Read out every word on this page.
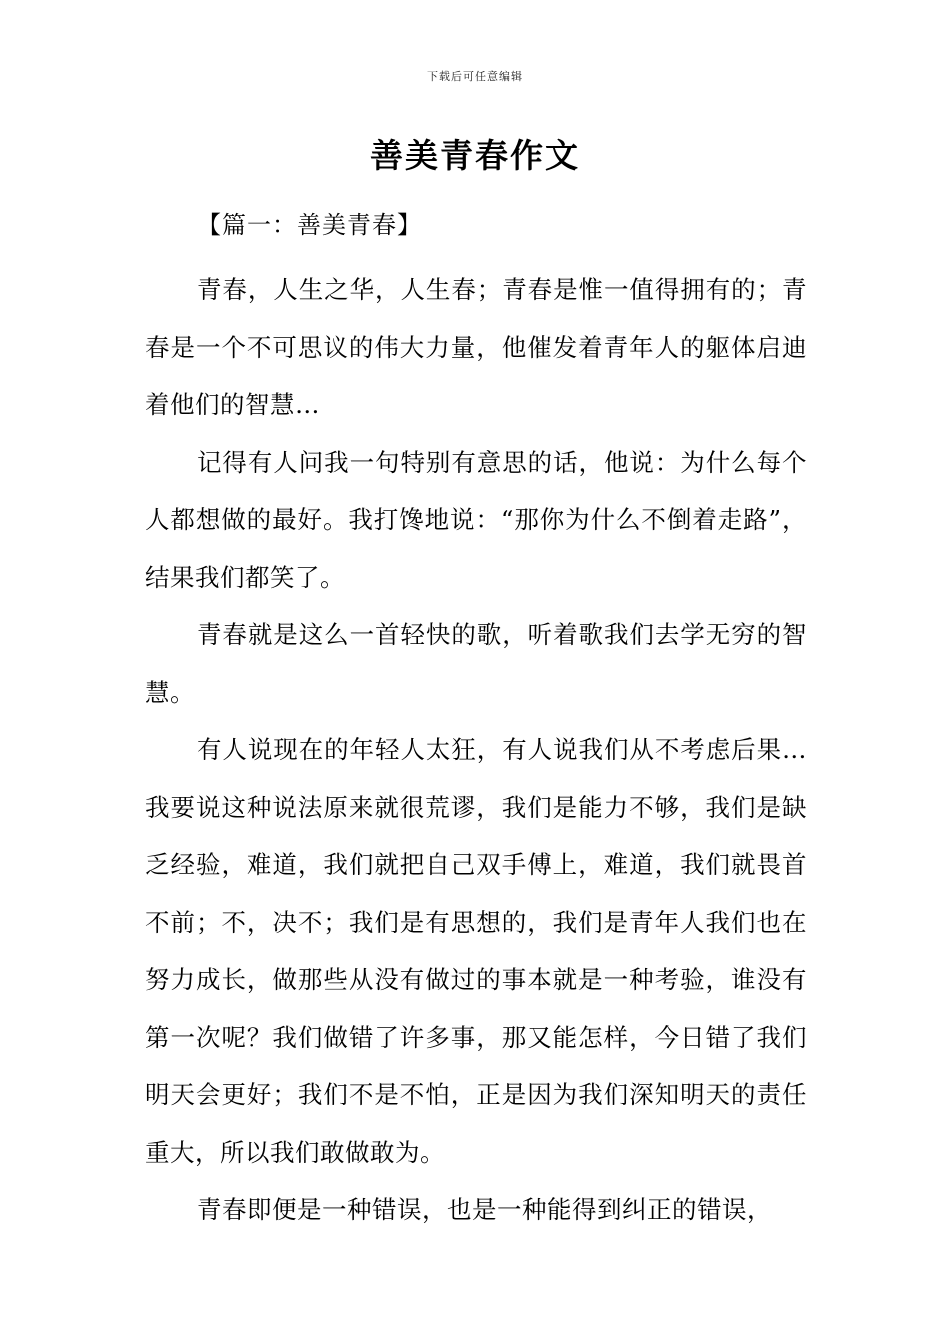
下载后可任意编辑
善美青春作文

【篇一：善美青春】

青春，人生之华，人生春；青春是惟一值得拥有的；青春是一个不可思议的伟大力量，他催发着青年人的躯体启迪着他们的智慧…

记得有人问我一句特别有意思的话，他说：为什么每个人都想做的最好。我打馋地说：“那你为什么不倒着走路”，结果我们都笑了。

青春就是这么一首轻快的歌，听着歌我们去学无穷的智慧。

有人说现在的年轻人太狂，有人说我们从不考虑后果…我要说这种说法原来就很荒谬，我们是能力不够，我们是缺乏经验，难道，我们就把自己双手傅上，难道，我们就畏首不前；不，决不；我们是有思想的，我们是青年人我们也在努力成长，做那些从没有做过的事本就是一种考验，谁没有第一次呢？我们做错了许多事，那又能怎样，今日错了我们明天会更好；我们不是不怕，正是因为我们深知明天的责任重大，所以我们敢做敢为。

青春即便是一种错误，也是一种能得到纠正的错误，
